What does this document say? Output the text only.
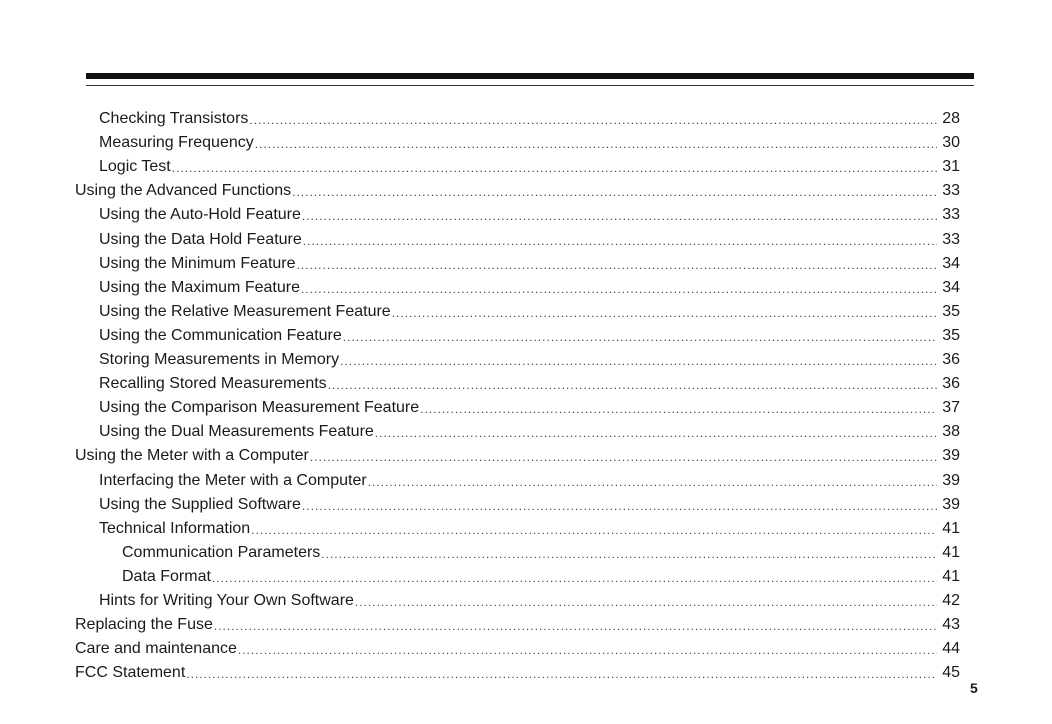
Checking Transistors .....	28
Measuring Frequency .....	30
Logic Test .....	31
Using the Advanced Functions .....	33
Using the Auto-Hold Feature .....	33
Using the Data Hold Feature .....	33
Using the Minimum Feature .....	34
Using the Maximum Feature .....	34
Using the Relative Measurement Feature .....	35
Using the Communication Feature .....	35
Storing Measurements in Memory .....	36
Recalling Stored Measurements .....	36
Using the Comparison Measurement Feature .....	37
Using the Dual Measurements Feature .....	38
Using the Meter with a Computer .....	39
Interfacing the Meter with a Computer .....	39
Using the Supplied Software .....	39
Technical Information .....	41
Communication Parameters .....	41
Data Format .....	41
Hints for Writing Your Own Software .....	42
Replacing the Fuse .....	43
Care and maintenance .....	44
FCC Statement .....	45
5
